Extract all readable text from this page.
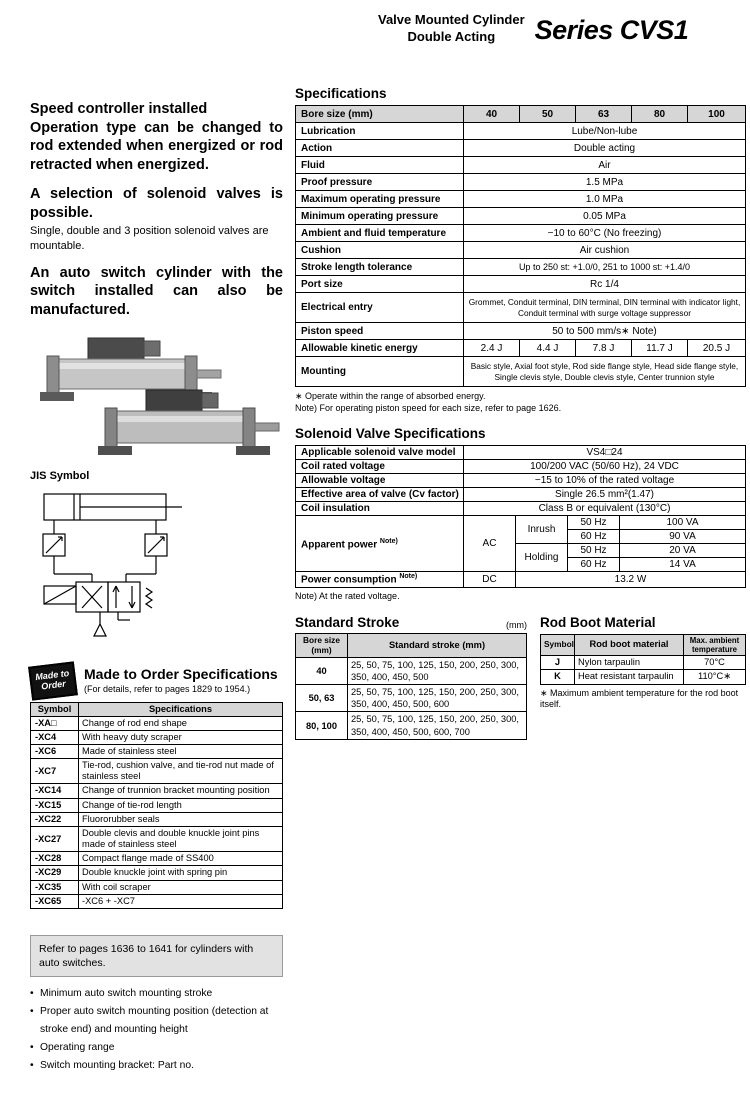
Valve Mounted Cylinder
Double Acting	Series CVS1
Speed controller installed
Operation type can be changed to rod extended when energized or rod retracted when energized.
A selection of solenoid valves is possible.
Single, double and 3 position solenoid valves are mountable.
An auto switch cylinder with the switch installed can also be manufactured.
JIS Symbol
Made to
Order
Made to Order Specifications
(For details, refer to pages 1829 to 1954.)
Symbol	Specifications
-XA□	Change of rod end shape
-XC4	With heavy duty scraper
-XC6	Made of stainless steel
-XC7	Tie-rod, cushion valve, and tie-rod nut made of stainless steel
-XC14	Change of trunnion bracket mounting position
-XC15	Change of tie-rod length
-XC22	Fluororubber seals
-XC27	Double clevis and double knuckle joint pins made of stainless steel
-XC28	Compact flange made of SS400
-XC29	Double knuckle joint with spring pin
-XC35	With coil scraper
-XC65	-XC6 + -XC7
Refer to pages 1636 to 1641 for cylinders with auto switches.
• Minimum auto switch mounting stroke
• Proper auto switch mounting position (detection at stroke end) and mounting height
• Operating range
• Switch mounting bracket: Part no.
Specifications
Bore size (mm)	40	50	63	80	100
Lubrication	Lube/Non-lube				
Action	Double acting				
Fluid	Air				
Proof pressure	1.5 MPa				
Maximum operating pressure	1.0 MPa				
Minimum operating pressure	0.05 MPa				
Ambient and fluid temperature	−10 to 60°C (No freezing)				
Cushion	Air cushion				
Stroke length tolerance	Up to 250 st: +1.0/0, 251 to 1000 st: +1.4/0				
Port size	Rc 1/4				
Electrical entry	Grommet, Conduit terminal, DIN terminal, DIN terminal with indicator light, Conduit terminal with surge voltage suppressor				
Piston speed	50 to 500 mm/s∗ Note)				
Allowable kinetic energy	2.4 J	4.4 J	7.8 J	11.7 J	20.5 J
Mounting	Basic style, Axial foot style, Rod side flange style, Head side flange style, Single clevis style, Double clevis style, Center trunnion style				
∗ Operate within the range of absorbed energy.
Note) For operating piston speed for each size, refer to page 1626.
Solenoid Valve Specifications
Applicable solenoid valve model	VS4□24			
Coil rated voltage	100/200 VAC (50/60 Hz), 24 VDC			
Allowable voltage	−15 to 10% of the rated voltage			
Effective area of valve (Cv factor)	Single 26.5 mm²(1.47)			
Coil insulation	Class B or equivalent (130°C)			
Apparent power $^{Note)}$	AC	Inrush	50 Hz	100 VA
			60 Hz	90 VA
		Holding	50 Hz	20 VA
			60 Hz	14 VA
Power consumption $^{Note)}$	DC	13.2 W		
Note) At the rated voltage.
Standard Stroke	(mm)
Bore size (mm)	Standard stroke (mm)
40	25, 50, 75, 100, 125, 150, 200, 250, 300, 350, 400, 450, 500
50, 63	25, 50, 75, 100, 125, 150, 200, 250, 300, 350, 400, 450, 500, 600
80, 100	25, 50, 75, 100, 125, 150, 200, 250, 300, 350, 400, 450, 500, 600, 700
Rod Boot Material
Symbol	Rod boot material	Max. ambient temperature
J	Nylon tarpaulin	70°C
K	Heat resistant tarpaulin	110°C∗
∗ Maximum ambient temperature for the rod boot itself.
